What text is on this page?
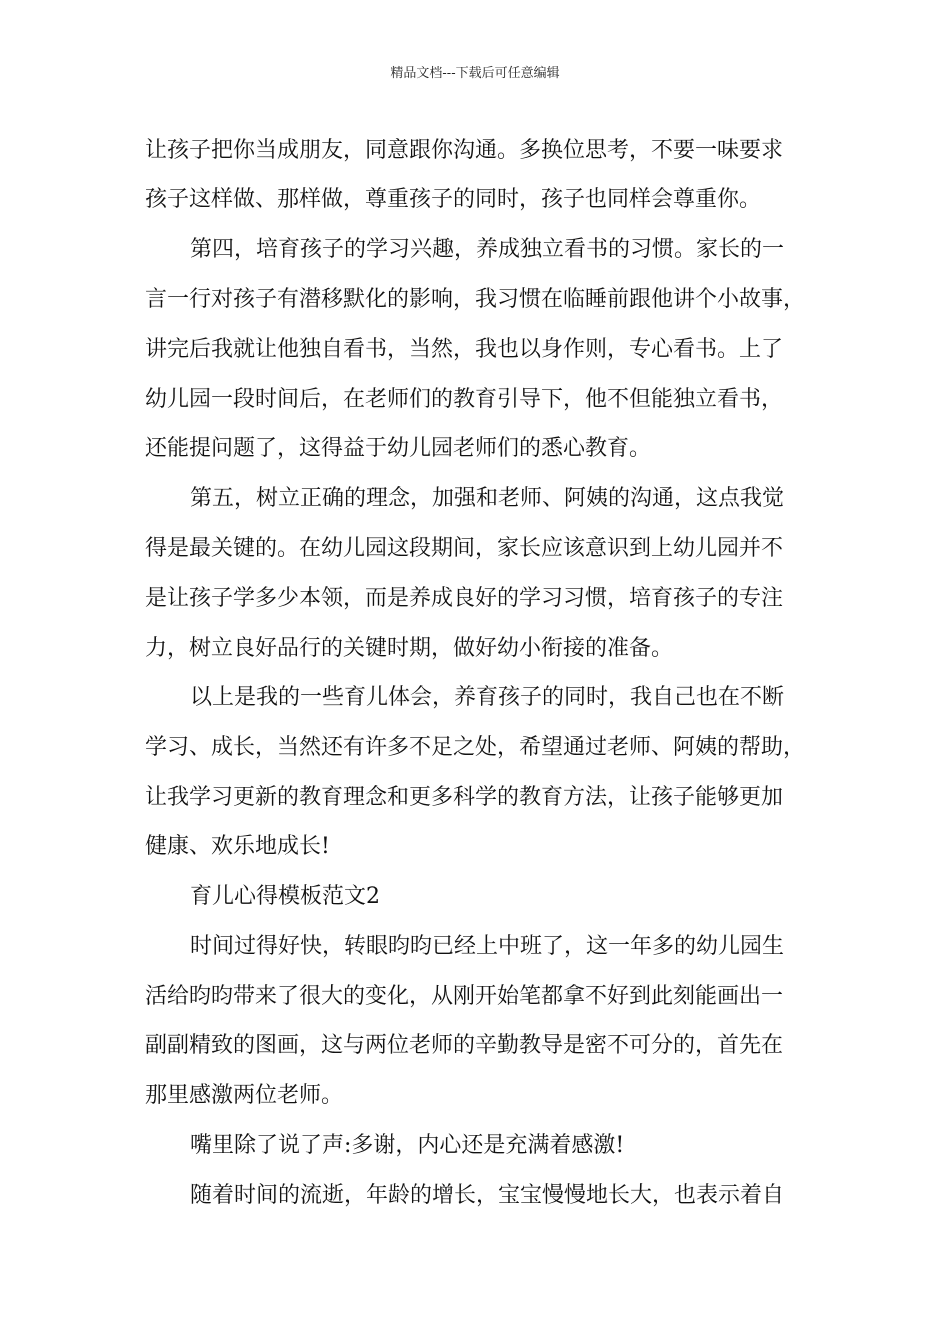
精品文档---下载后可任意编辑
让孩子把你当成朋友，同意跟你沟通。多换位思考，不要一味要求
孩子这样做、那样做，尊重孩子的同时，孩子也同样会尊重你。
第四，培育孩子的学习兴趣，养成独立看书的习惯。家长的一
言一行对孩子有潜移默化的影响，我习惯在临睡前跟他讲个小故事，
讲完后我就让他独自看书，当然，我也以身作则，专心看书。上了
幼儿园一段时间后，在老师们的教育引导下，他不但能独立看书，
还能提问题了，这得益于幼儿园老师们的悉心教育。
第五，树立正确的理念，加强和老师、阿姨的沟通，这点我觉
得是最关键的。在幼儿园这段期间，家长应该意识到上幼儿园并不
是让孩子学多少本领，而是养成良好的学习习惯，培育孩子的专注
力，树立良好品行的关键时期，做好幼小衔接的准备。
以上是我的一些育儿体会，养育孩子的同时，我自己也在不断
学习、成长，当然还有许多不足之处，希望通过老师、阿姨的帮助，
让我学习更新的教育理念和更多科学的教育方法，让孩子能够更加
健康、欢乐地成长!
育儿心得模板范文2
时间过得好快，转眼昀昀已经上中班了，这一年多的幼儿园生
活给昀昀带来了很大的变化，从刚开始笔都拿不好到此刻能画出一
副副精致的图画，这与两位老师的辛勤教导是密不可分的，首先在
那里感激两位老师。
嘴里除了说了声:多谢，内心还是充满着感激!
随着时间的流逝，年龄的增长，宝宝慢慢地长大，也表示着自
